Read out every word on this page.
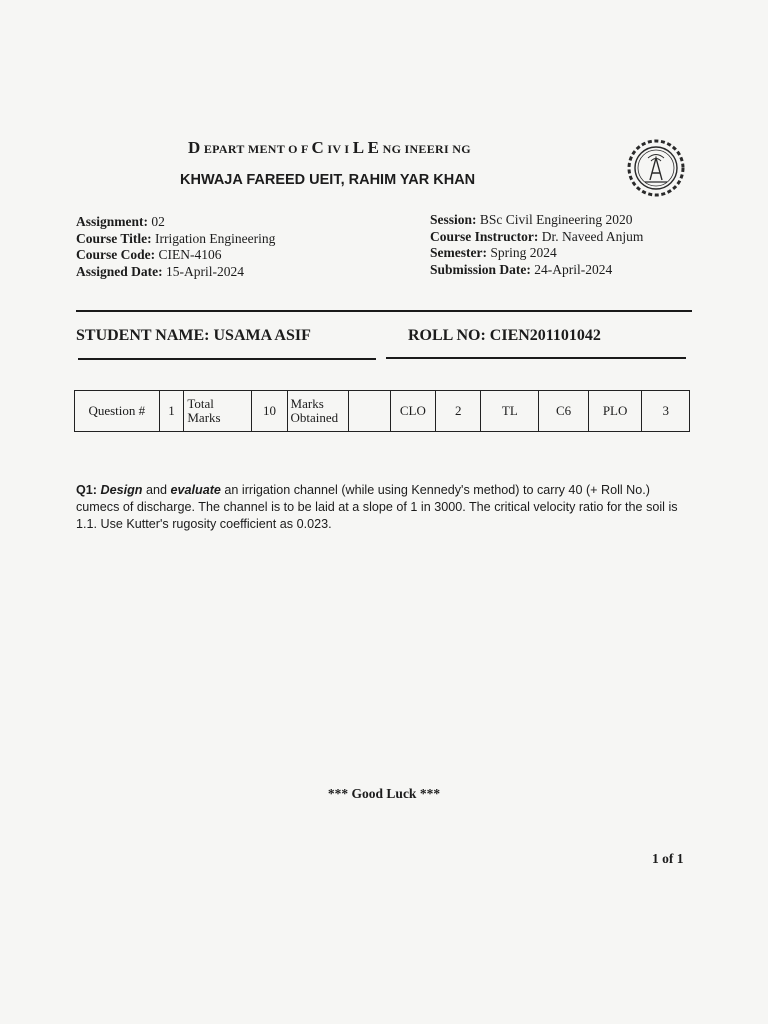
D EPART MENT O F C IV I L E NG INEERI NG
KHWAJA FAREED UEIT, RAHIM YAR KHAN
Assignment: 02
Course Title: Irrigation Engineering
Course Code: CIEN-4106
Assigned Date: 15-April-2024
Session: BSc Civil Engineering 2020
Course Instructor: Dr. Naveed Anjum
Semester: Spring 2024
Submission Date: 24-April-2024
STUDENT NAME: USAMA ASIF	ROLL NO: CIEN201101042
Question #	1	Total Marks	10	Marks Obtained		CLO	2	TL	C6	PLO	3
Q1: Design and evaluate an irrigation channel (while using Kennedy's method) to carry 40 (+ Roll No.) cumecs of discharge. The channel is to be laid at a slope of 1 in 3000. The critical velocity ratio for the soil is 1.1. Use Kutter's rugosity coefficient as 0.023.
*** Good Luck ***
1 of 1
